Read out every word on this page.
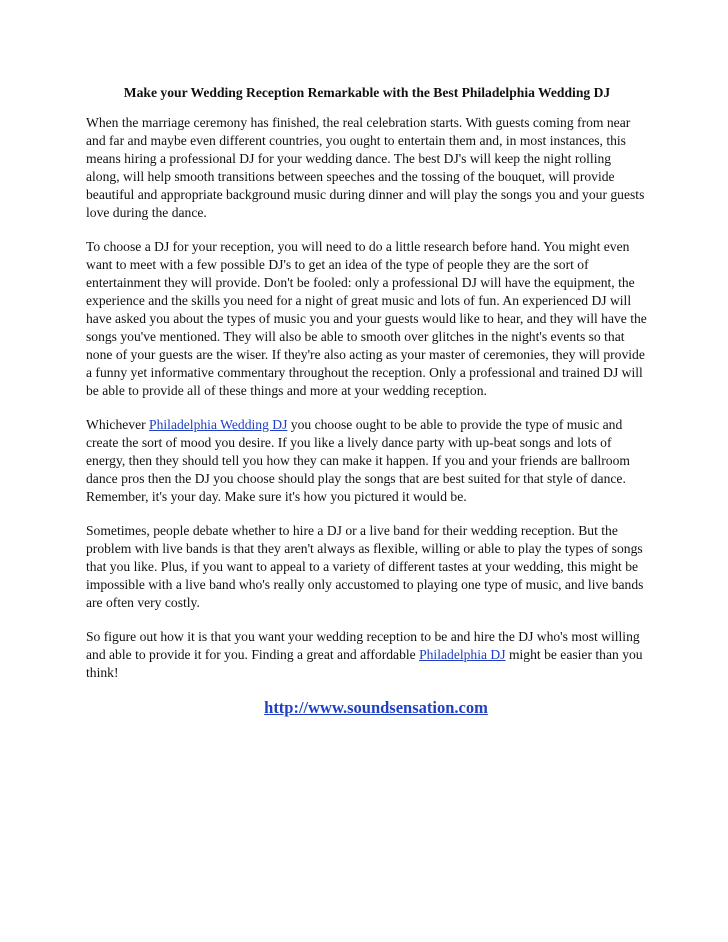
Make your Wedding Reception Remarkable with the Best Philadelphia Wedding DJ

When the marriage ceremony has finished, the real celebration starts. With guests coming from near and far and maybe even different countries, you ought to entertain them and, in most instances, this means hiring a professional DJ for your wedding dance. The best DJ's will keep the night rolling along, will help smooth transitions between speeches and the tossing of the bouquet, will provide beautiful and appropriate background music during dinner and will play the songs you and your guests love during the dance.

To choose a DJ for your reception, you will need to do a little research before hand. You might even want to meet with a few possible DJ's to get an idea of the type of people they are the sort of entertainment they will provide. Don't be fooled: only a professional DJ will have the equipment, the experience and the skills you need for a night of great music and lots of fun. An experienced DJ will have asked you about the types of music you and your guests would like to hear, and they will have the songs you've mentioned. They will also be able to smooth over glitches in the night's events so that none of your guests are the wiser. If they're also acting as your master of ceremonies, they will provide a funny yet informative commentary throughout the reception. Only a professional and trained DJ will be able to provide all of these things and more at your wedding reception.

Whichever Philadelphia Wedding DJ you choose ought to be able to provide the type of music and create the sort of mood you desire. If you like a lively dance party with up-beat songs and lots of energy, then they should tell you how they can make it happen. If you and your friends are ballroom dance pros then the DJ you choose should play the songs that are best suited for that style of dance. Remember, it's your day. Make sure it's how you pictured it would be.

Sometimes, people debate whether to hire a DJ or a live band for their wedding reception. But the problem with live bands is that they aren't always as flexible, willing or able to play the types of songs that you like. Plus, if you want to appeal to a variety of different tastes at your wedding, this might be impossible with a live band who's really only accustomed to playing one type of music, and live bands are often very costly.

So figure out how it is that you want your wedding reception to be and hire the DJ who's most willing and able to provide it for you. Finding a great and affordable Philadelphia DJ might be easier than you think!

http://www.soundsensation.com
